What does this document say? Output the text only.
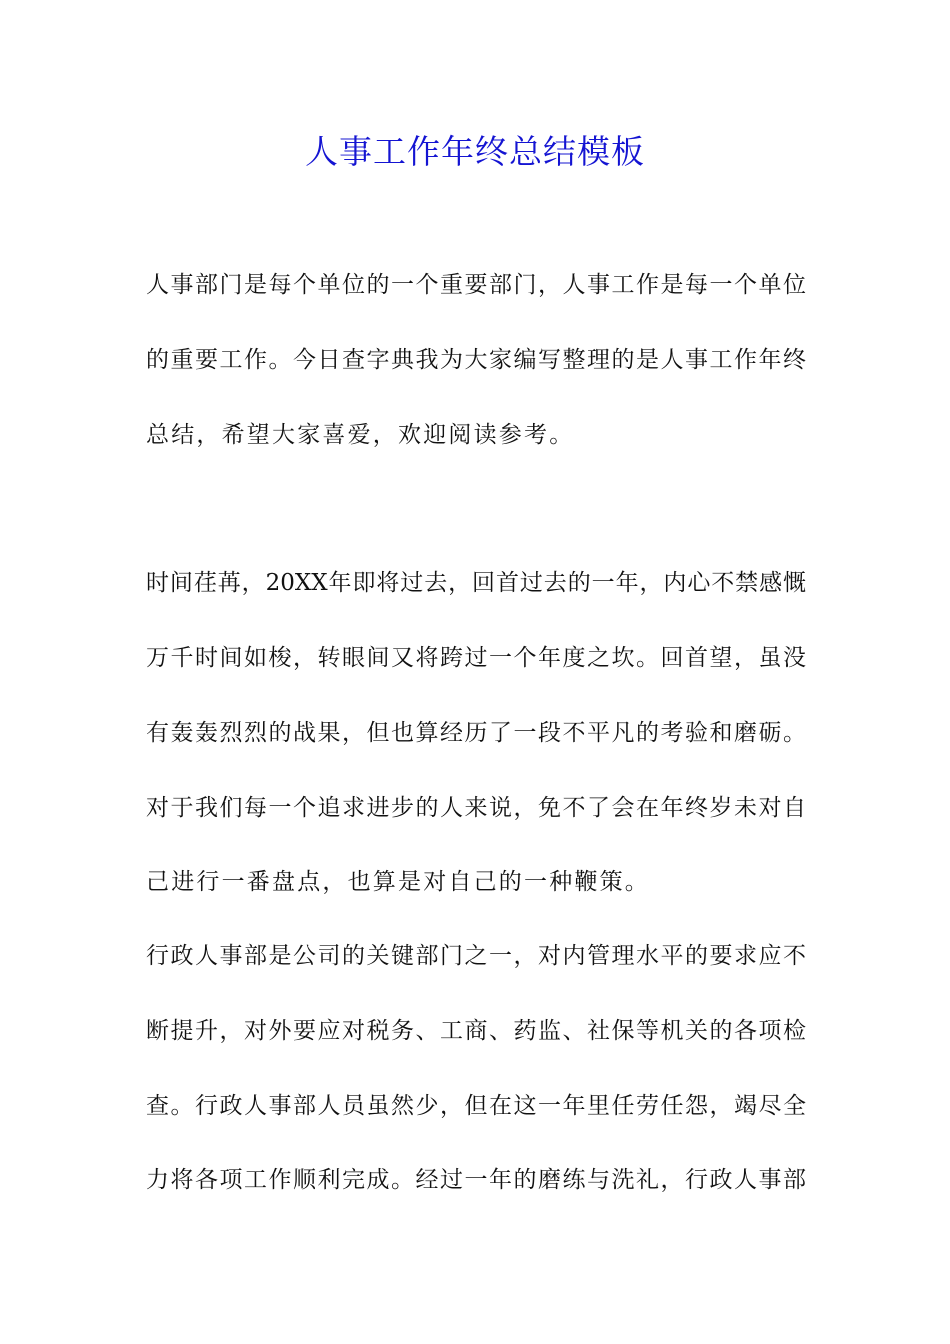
人事工作年终总结模板
人事部门是每个单位的一个重要部门，人事工作是每一个单位
的重要工作。今日查字典我为大家编写整理的是人事工作年终
总结，希望大家喜爱，欢迎阅读参考。
时间荏苒，20XX年即将过去，回首过去的一年，内心不禁感慨
万千时间如梭，转眼间又将跨过一个年度之坎。回首望，虽没
有轰轰烈烈的战果，但也算经历了一段不平凡的考验和磨砺。
对于我们每一个追求进步的人来说，免不了会在年终岁未对自
己进行一番盘点，也算是对自己的一种鞭策。
行政人事部是公司的关键部门之一，对内管理水平的要求应不
断提升，对外要应对税务、工商、药监、社保等机关的各项检
查。行政人事部人员虽然少，但在这一年里任劳任怨，竭尽全
力将各项工作顺利完成。经过一年的磨练与洗礼，行政人事部
